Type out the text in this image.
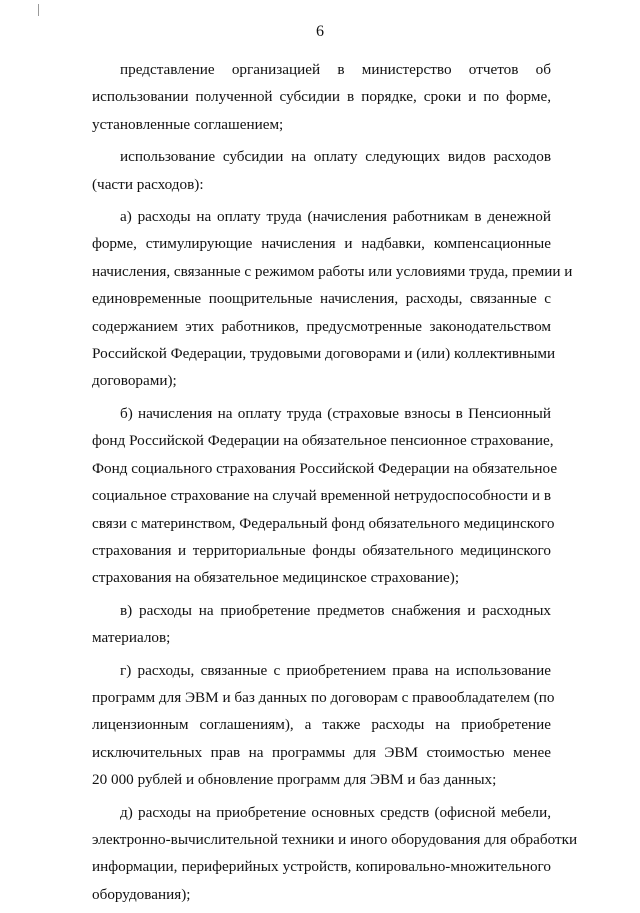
6
представление организацией в министерство отчетов об
использовании полученной субсидии в порядке, сроки и по форме,
установленные соглашением;
использование субсидии на оплату следующих видов расходов
(части расходов):
а) расходы на оплату труда (начисления работникам в денежной
форме, стимулирующие начисления и надбавки, компенсационные
начисления, связанные с режимом работы или условиями труда, премии и
единовременные поощрительные начисления, расходы, связанные с
содержанием этих работников, предусмотренные законодательством
Российской Федерации, трудовыми договорами и (или) коллективными
договорами);
б) начисления на оплату труда (страховые взносы в Пенсионный
фонд Российской Федерации на обязательное пенсионное страхование,
Фонд социального страхования Российской Федерации на обязательное
социальное страхование на случай временной нетрудоспособности и в
связи с материнством, Федеральный фонд обязательного медицинского
страхования и территориальные фонды обязательного медицинского
страхования на обязательное медицинское страхование);
в) расходы на приобретение предметов снабжения и расходных
материалов;
г) расходы, связанные с приобретением права на использование
программ для ЭВМ и баз данных по договорам с правообладателем (по
лицензионным соглашениям), а также расходы на приобретение
исключительных прав на программы для ЭВМ стоимостью менее
20 000 рублей и обновление программ для ЭВМ и баз данных;
д) расходы на приобретение основных средств (офисной мебели,
электронно-вычислительной техники и иного оборудования для обработки
информации, периферийных устройств, копировально-множительного
оборудования);
